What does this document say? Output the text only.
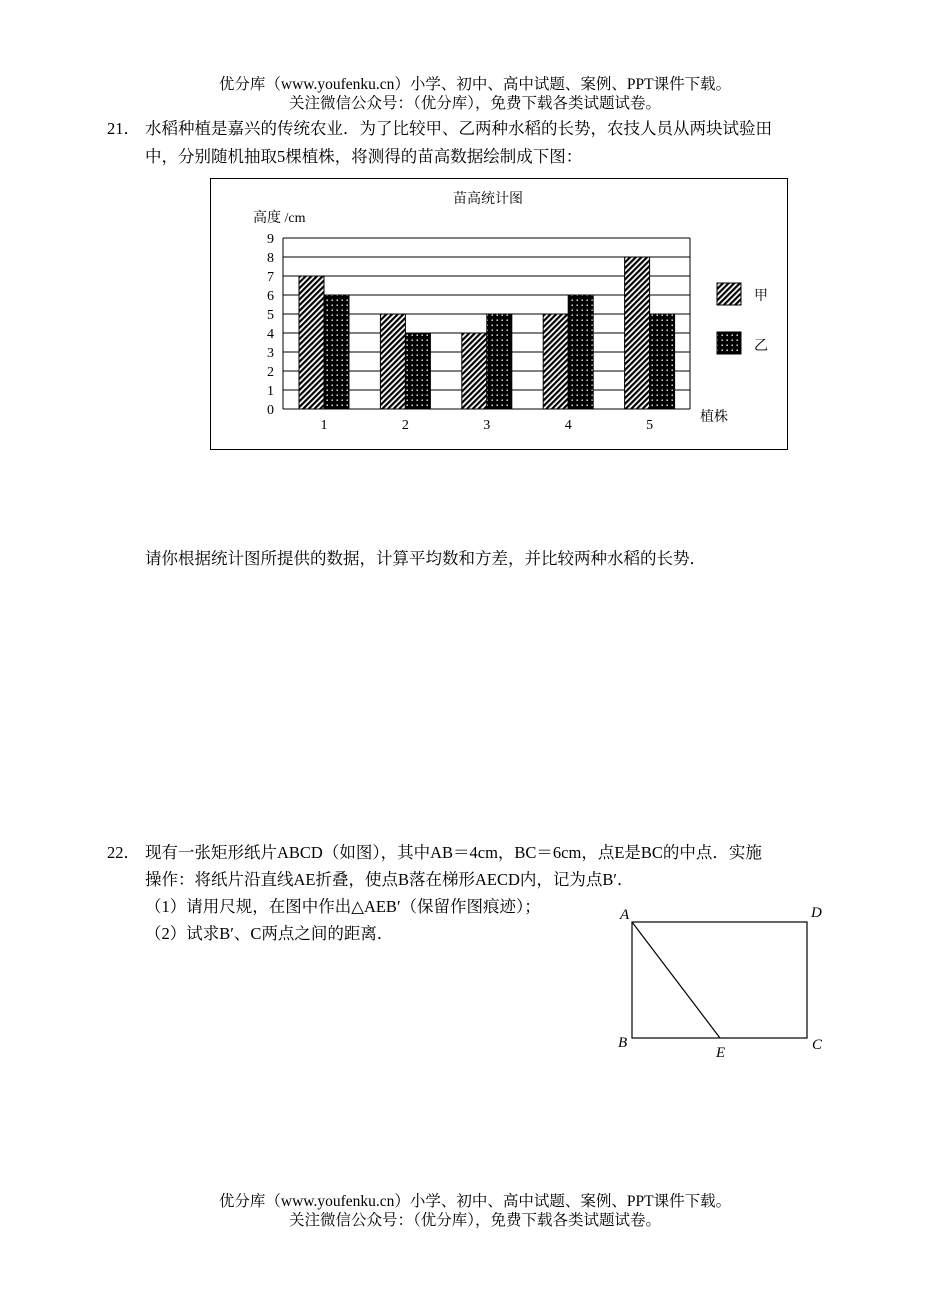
优分库（www.youfenku.cn）小学、初中、高中试题、案例、PPT课件下载。
关注微信公众号：（优分库），免费下载各类试题试卷。
21． 水稻种植是嘉兴的传统农业．为了比较甲、乙两种水稻的长势，农技人员从两块试验田
中，分别随机抽取5棵植株，将测得的苗高数据绘制成下图：
苗高统计图
高度 /cm
0
1
2
3
4
5
6
7
8
9
1	2	3	4	5
植株
甲
乙
请你根据统计图所提供的数据，计算平均数和方差，并比较两种水稻的长势．
22． 现有一张矩形纸片ABCD（如图），其中AB＝4cm，BC＝6cm，点E是BC的中点．实施
操作：将纸片沿直线AE折叠，使点B落在梯形AECD内，记为点B′．
（1）请用尺规，在图中作出△AEB′（保留作图痕迹）；
（2）试求B′、C两点之间的距离．
A	D
B
E	C
优分库（www.youfenku.cn）小学、初中、高中试题、案例、PPT课件下载。
关注微信公众号：（优分库），免费下载各类试题试卷。
